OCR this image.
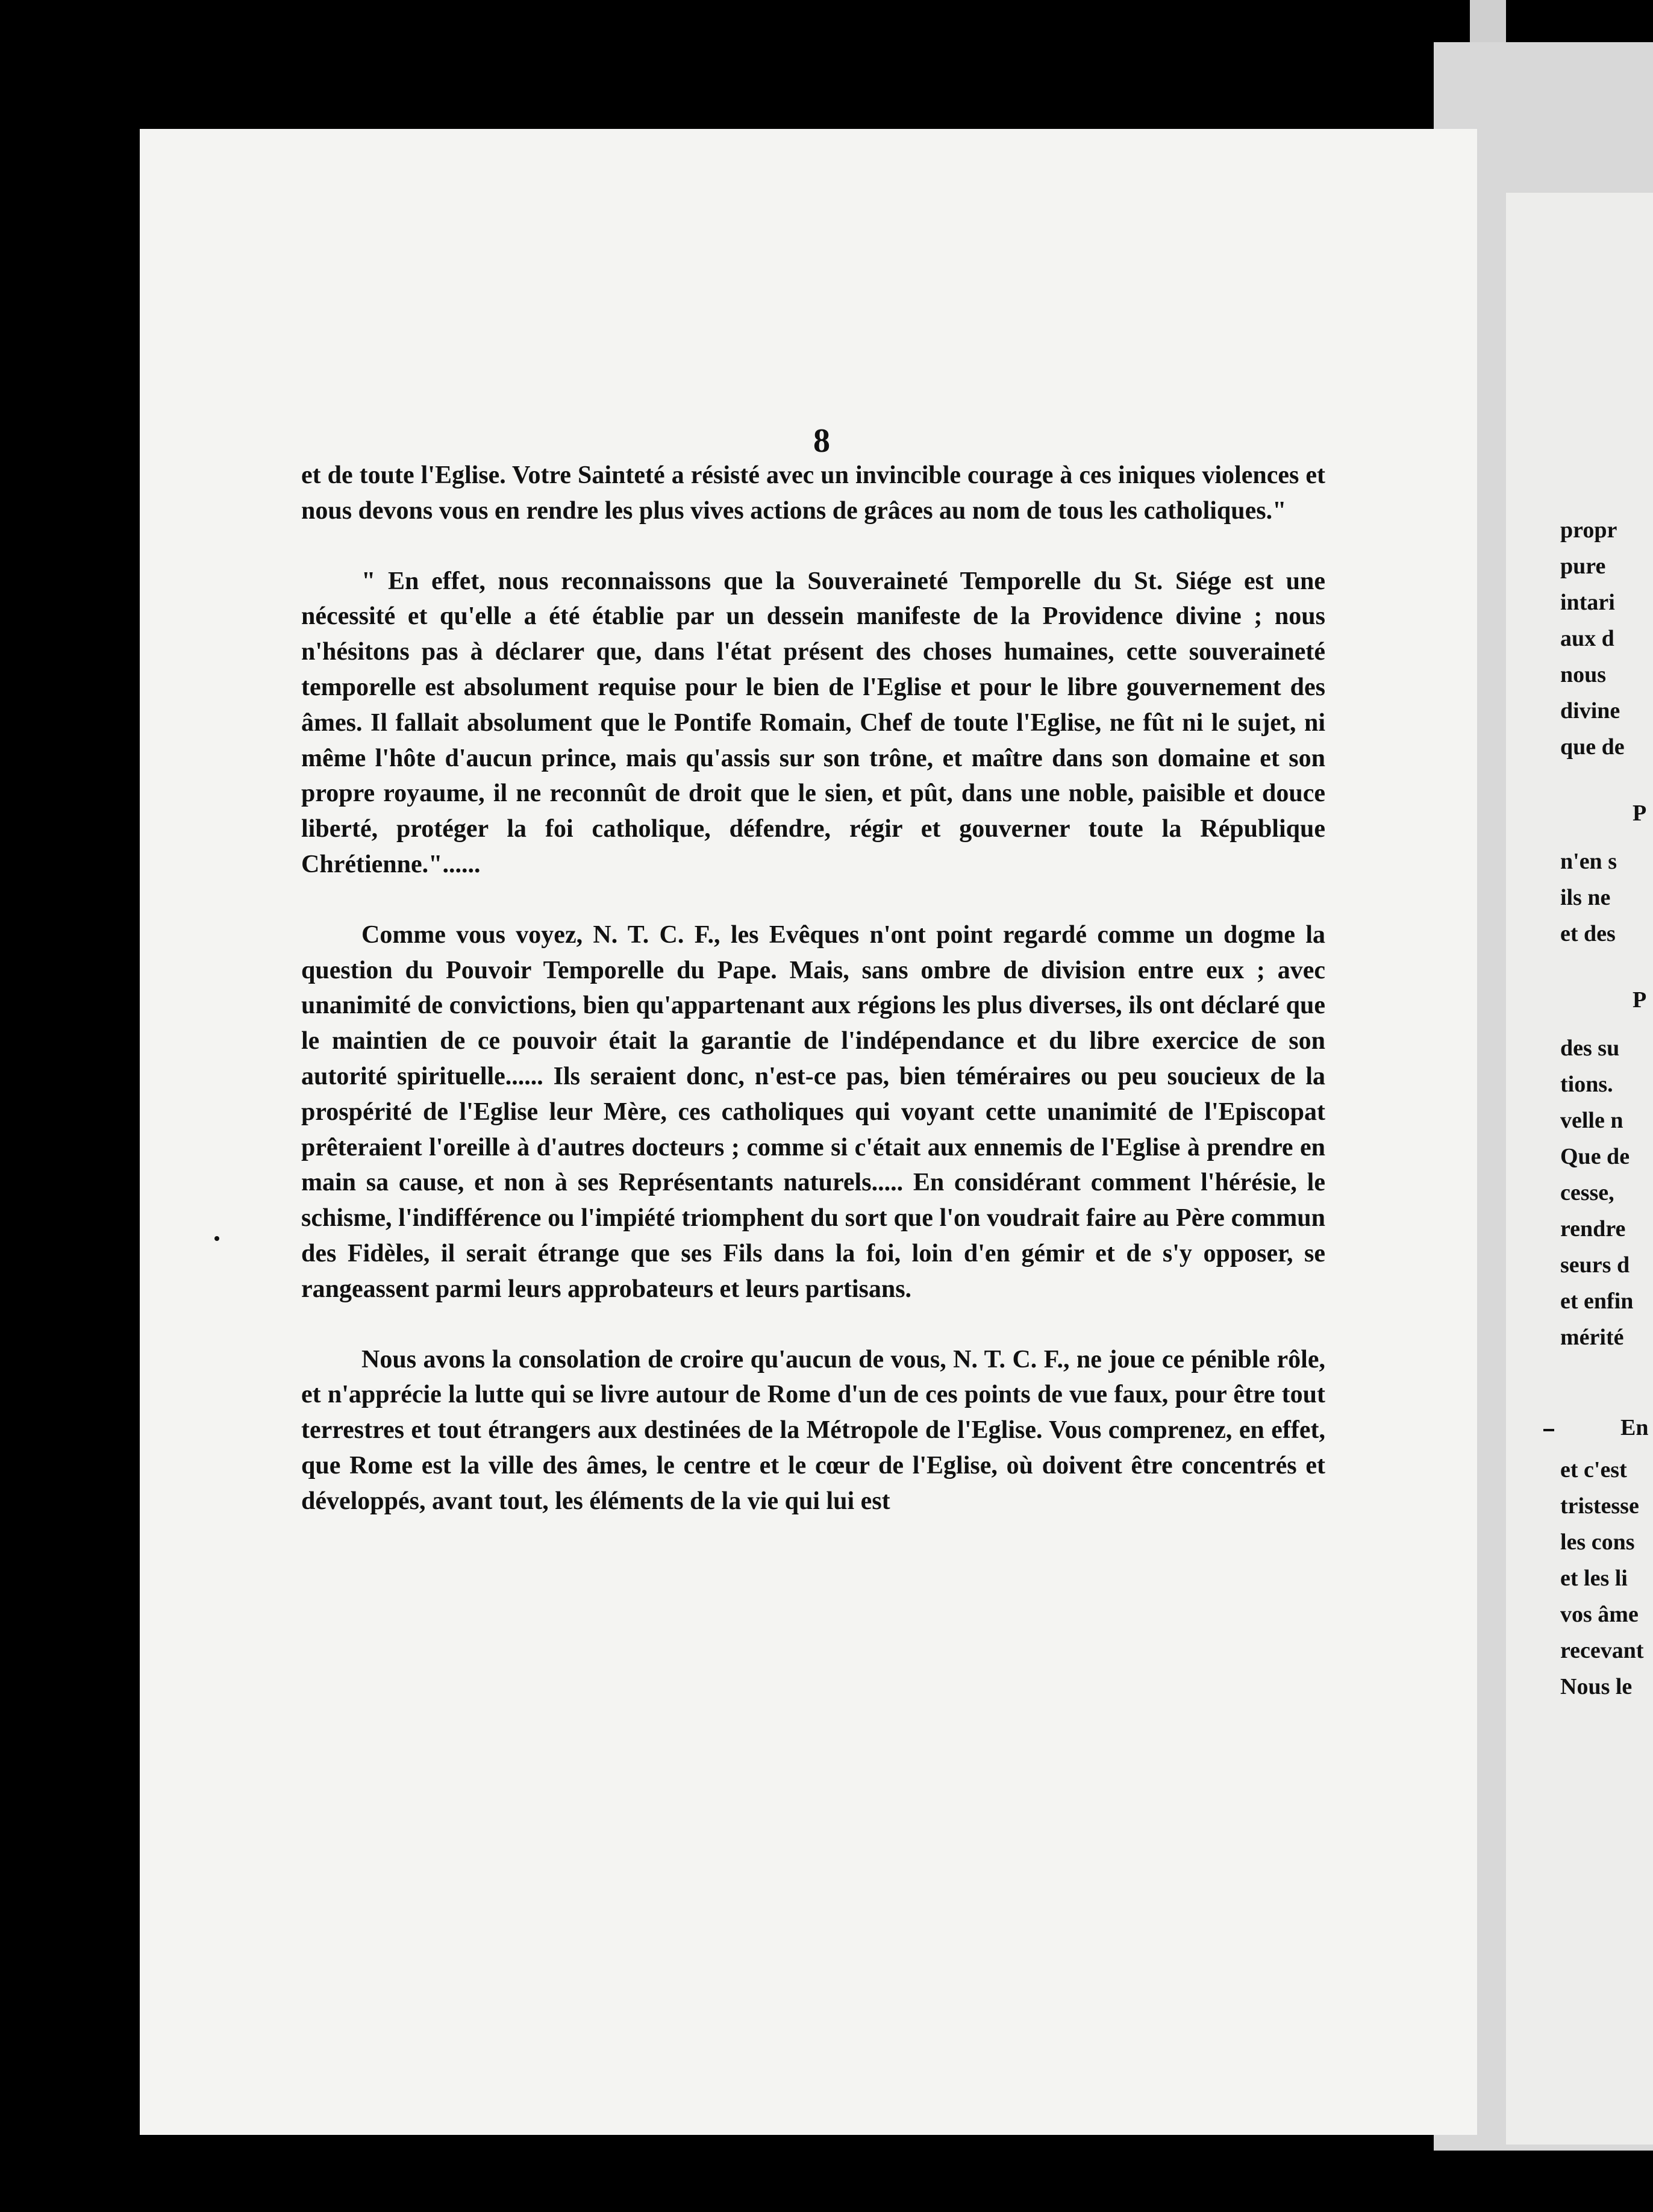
8

et de toute l'Eglise. Votre Sainteté a résisté avec un invincible courage à ces iniques violences et nous devons vous en rendre les plus vives actions de grâces au nom de tous les catholiques."

" En effet, nous reconnaissons que la Souveraineté Temporelle du St. Siége est une nécessité et qu'elle a été établie par un dessein manifeste de la Providence divine ; nous n'hésitons pas à déclarer que, dans l'état présent des choses humaines, cette souveraineté temporelle est absolument requise pour le bien de l'Eglise et pour le libre gouvernement des âmes. Il fallait absolument que le Pontife Romain, Chef de toute l'Eglise, ne fût ni le sujet, ni même l'hôte d'aucun prince, mais qu'assis sur son trône, et maître dans son domaine et son propre royaume, il ne reconnût de droit que le sien, et pût, dans une noble, paisible et douce liberté, protéger la foi catholique, défendre, régir et gouverner toute la République Chrétienne."......

Comme vous voyez, N. T. C. F., les Evêques n'ont point regardé comme un dogme la question du Pouvoir Temporelle du Pape. Mais, sans ombre de division entre eux ; avec unanimité de convictions, bien qu'appartenant aux régions les plus diverses, ils ont déclaré que le maintien de ce pouvoir était la garantie de l'indépendance et du libre exercice de son autorité spirituelle...... Ils seraient donc, n'est-ce pas, bien téméraires ou peu soucieux de la prospérité de l'Eglise leur Mère, ces catholiques qui voyant cette unanimité de l'Episcopat prêteraient l'oreille à d'autres docteurs ; comme si c'était aux ennemis de l'Eglise à prendre en main sa cause, et non à ses Représentants naturels..... En considérant comment l'hérésie, le schisme, l'indifférence ou l'impiété triomphent du sort que l'on voudrait faire au Père commun des Fidèles, il serait étrange que ses Fils dans la foi, loin d'en gémir et de s'y opposer, se rangeassent parmi leurs approbateurs et leurs partisans.

Nous avons la consolation de croire qu'aucun de vous, N. T. C. F., ne joue ce pénible rôle, et n'apprécie la lutte qui se livre autour de Rome d'un de ces points de vue faux, pour être tout terrestres et tout étrangers aux destinées de la Métropole de l'Eglise. Vous comprenez, en effet, que Rome est la ville des âmes, le centre et le cœur de l'Eglise, où doivent être concentrés et développés, avant tout, les éléments de la vie qui lui est

propr
pure
intari
aux d
nous
divine
que de
P
n'en s
ils ne
et des
P
des su
tions.
velle n
Que de
cesse,
rendre
seurs d
et enfin
mérité
En
et c'est
tristesse
les cons
et les li
vos âme
recevant
Nous le
